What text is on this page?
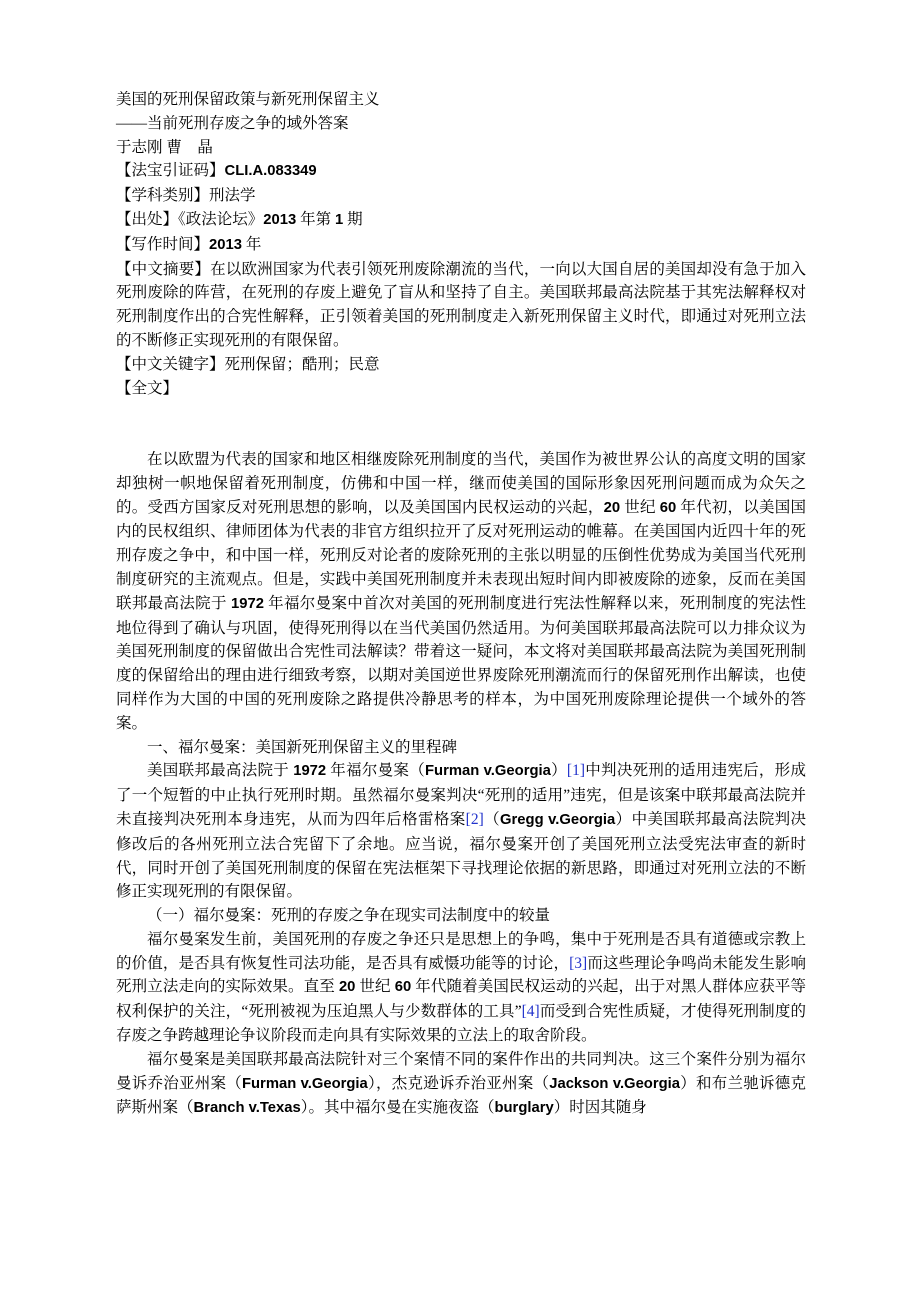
美国的死刑保留政策与新死刑保留主义

——当前死刑存废之争的域外答案

于志刚 曹　晶

【法宝引证码】CLI.A.083349

【学科类别】刑法学

【出处】《政法论坛》2013 年第 1 期

【写作时间】2013 年

【中文摘要】在以欧洲国家为代表引领死刑废除潮流的当代，一向以大国自居的美国却没有急于加入死刑废除的阵营，在死刑的存废上避免了盲从和坚持了自主。美国联邦最高法院基于其宪法解释权对死刑制度作出的合宪性解释，正引领着美国的死刑制度走入新死刑保留主义时代，即通过对死刑立法的不断修正实现死刑的有限保留。

【中文关键字】死刑保留；酷刑；民意

【全文】

在以欧盟为代表的国家和地区相继废除死刑制度的当代，美国作为被世界公认的高度文明的国家却独树一帜地保留着死刑制度，仿佛和中国一样，继而使美国的国际形象因死刑问题而成为众矢之的。受西方国家反对死刑思想的影响，以及美国国内民权运动的兴起，20 世纪 60 年代初，以美国国内的民权组织、律师团体为代表的非官方组织拉开了反对死刑运动的帷幕。在美国国内近四十年的死刑存废之争中，和中国一样，死刑反对论者的废除死刑的主张以明显的压倒性优势成为美国当代死刑制度研究的主流观点。但是，实践中美国死刑制度并未表现出短时间内即被废除的迹象，反而在美国联邦最高法院于 1972 年福尔曼案中首次对美国的死刑制度进行宪法性解释以来，死刑制度的宪法性地位得到了确认与巩固，使得死刑得以在当代美国仍然适用。为何美国联邦最高法院可以力排众议为美国死刑制度的保留做出合宪性司法解读？带着这一疑问，本文将对美国联邦最高法院为美国死刑制度的保留给出的理由进行细致考察，以期对美国逆世界废除死刑潮流而行的保留死刑作出解读，也使同样作为大国的中国的死刑废除之路提供冷静思考的样本，为中国死刑废除理论提供一个域外的答案。

一、福尔曼案：美国新死刑保留主义的里程碑

美国联邦最高法院于 1972 年福尔曼案（Furman v.Georgia）[1]中判决死刑的适用违宪后，形成了一个短暂的中止执行死刑时期。虽然福尔曼案判决“死刑的适用”违宪，但是该案中联邦最高法院并未直接判决死刑本身违宪，从而为四年后格雷格案[2]（Gregg v.Georgia）中美国联邦最高法院判决修改后的各州死刑立法合宪留下了余地。应当说，福尔曼案开创了美国死刑立法受宪法审查的新时代，同时开创了美国死刑制度的保留在宪法框架下寻找理论依据的新思路，即通过对死刑立法的不断修正实现死刑的有限保留。

（一）福尔曼案：死刑的存废之争在现实司法制度中的较量

福尔曼案发生前，美国死刑的存废之争还只是思想上的争鸣，集中于死刑是否具有道德或宗教上的价值，是否具有恢复性司法功能，是否具有威慑功能等的讨论，[3]而这些理论争鸣尚未能发生影响死刑立法走向的实际效果。直至 20 世纪 60 年代随着美国民权运动的兴起，出于对黑人群体应获平等权利保护的关注，“死刑被视为压迫黑人与少数群体的工具”[4]而受到合宪性质疑，才使得死刑制度的存废之争跨越理论争议阶段而走向具有实际效果的立法上的取舍阶段。

福尔曼案是美国联邦最高法院针对三个案情不同的案件作出的共同判决。这三个案件分别为福尔曼诉乔治亚州案（Furman v.Georgia），杰克逊诉乔治亚州案（Jackson v.Georgia）和布兰驰诉德克萨斯州案（Branch v.Texas）。其中福尔曼在实施夜盗（burglary）时因其随身
